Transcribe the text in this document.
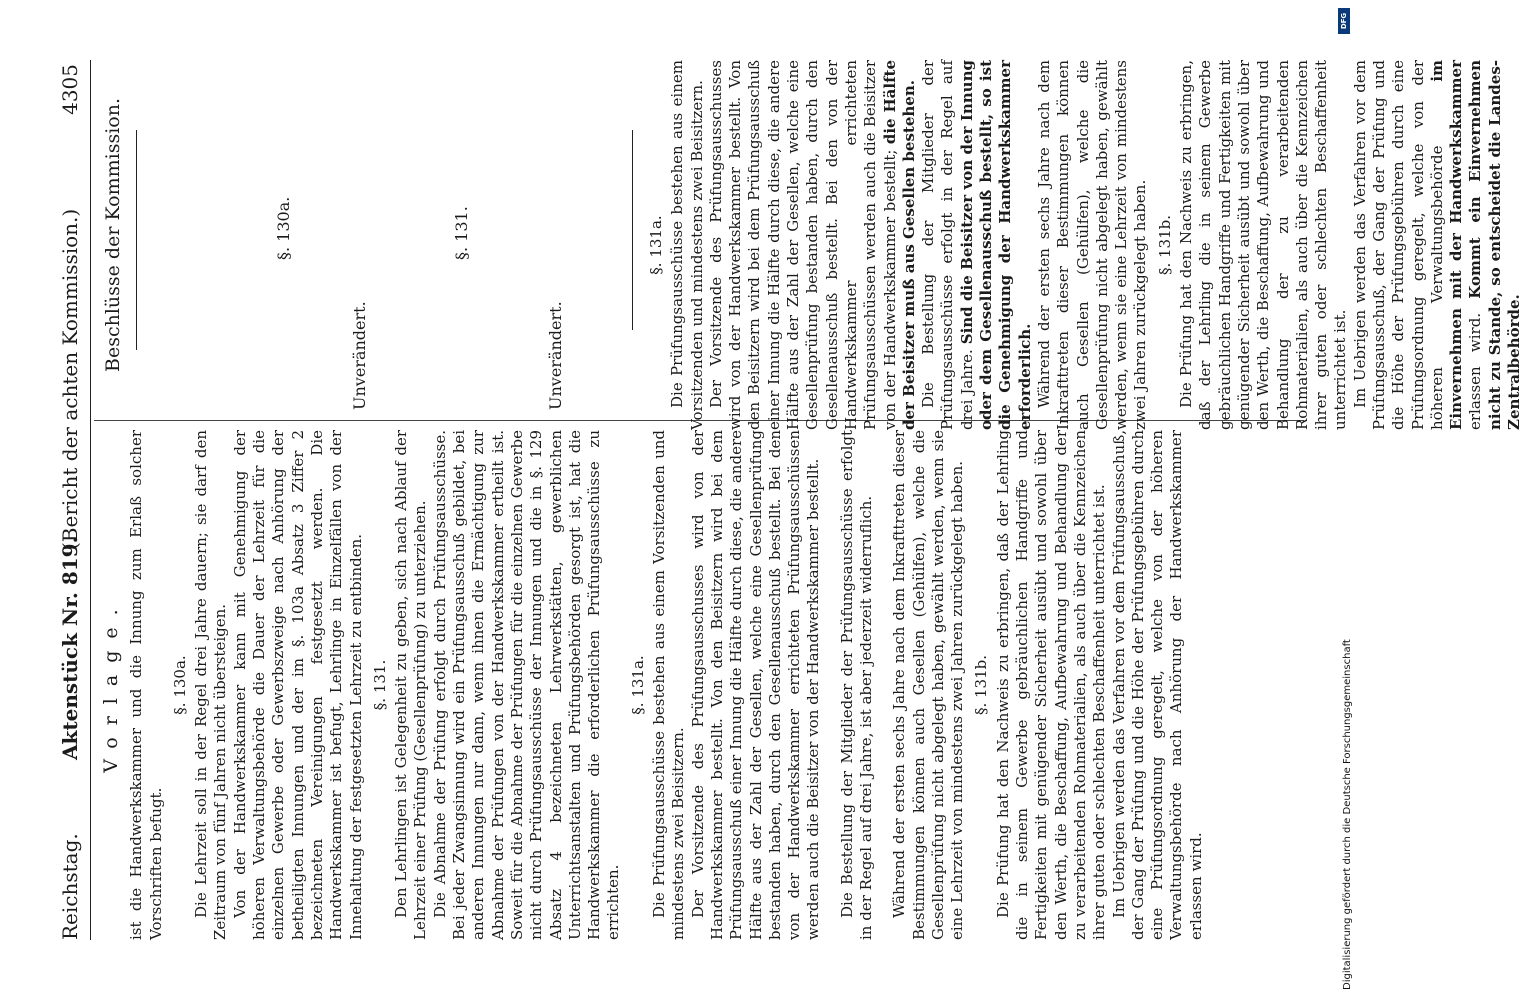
Reichstag.
Aktenstück Nr. 819.
(Bericht der achten Kommission.)
4305
Vorlage. ist die Handwerkskammer und die Innung zum Erlaß solcher Vorschriften befugt.

§. 130a. Die Lehrzeit soll in der Regel drei Jahre dauern; sie darf den Zeitraum von fünf Jahren nicht übersteigen. Von der Handwerkskammer kann mit Genehmigung der höheren Verwaltungsbehörde die Dauer der Lehrzeit für die einzelnen Gewerbe oder Gewerbszweige nach Anhörung der betheiligten Innungen und der im §. 103a Absatz 3 Ziffer 2 bezeichneten Vereinigungen festgesetzt werden. Die Handwerkskammer ist befugt, Lehrlinge in Einzelfällen von der Innehaltung der festgesetzten Lehrzeit zu entbinden. §. 131. Den Lehrlingen ist Gelegenheit zu geben, sich nach Ablauf der Lehrzeit einer Prüfung (Gesellenprüfung) zu unterziehen. Die Abnahme der Prüfung erfolgt durch Prüfungsausschüsse. Bei jeder Zwangsinnung wird ein Prüfungsausschuß gebildet, bei anderen Innungen nur dann, wenn ihnen die Ermächtigung zur Abnahme der Prüfungen von der Handwerkskammer ertheilt ist. Soweit für die Abnahme der Prüfungen für die einzelnen Gewerbe nicht durch Prüfungsausschüsse der Innungen und die in §. 129 Absatz 4 bezeichneten Lehrwerkstätten, gewerblichen Unterrichtsanstalten und Prüfungsbehörden gesorgt ist, hat die Handwerkskammer die erforderlichen Prüfungsausschüsse zu errichten.

§. 131a. Die Prüfungsausschüsse bestehen aus einem Vorsitzenden und mindestens zwei Beisitzern. Der Vorsitzende des Prüfungsausschusses wird von der Handwerkskammer bestellt. Von den Beisitzern wird bei dem Prüfungsausschuß einer Innung die Hälfte durch diese, die andere Hälfte aus der Zahl der Gesellen, welche eine Gesellenprüfung bestanden haben, durch den Gesellenausschuß bestellt. Bei den von der Handwerkskammer errichteten Prüfungsausschüssen werden auch die Beisitzer von der Handwerkskammer bestellt. Die Bestellung der Mitglieder der Prüfungsausschüsse erfolgt in der Regel auf drei Jahre, ist aber jederzeit widerruflich. Während der ersten sechs Jahre nach dem Inkrafttreten dieser Bestimmungen können auch Gesellen (Gehülfen), welche die Gesellenprüfung nicht abgelegt haben, gewählt werden, wenn sie eine Lehrzeit von mindestens zwei Jahren zurückgelegt haben. §. 131b. Die Prüfung hat den Nachweis zu erbringen, daß der Lehrling die in seinem Gewerbe gebräuchlichen Handgriffe und Fertigkeiten mit genügender Sicherheit ausübt und sowohl über den Werth, die Beschaffung, Aufbewahrung und Behandlung der zu verarbeitenden Rohmaterialien, als auch über die Kennzeichen ihrer guten oder schlechten Beschaffenheit unterrichtet ist. Im Uebrigen werden das Verfahren vor dem Prüfungsausschuß, der Gang der Prüfung und die Höhe der Prüfungsgebühren durch eine Prüfungsordnung geregelt, welche von der höheren Verwaltungsbehörde nach Anhörung der Handwerkskammer erlassen wird.

Beschlüsse der Kommission.	§. 130a.
Unverändert.
§. 131.
Unverändert.
§. 131a. Die Prüfungsausschüsse bestehen aus einem Vorsitzenden und mindestens zwei Beisitzern. Der Vorsitzende des Prüfungsausschusses wird von der Handwerkskammer bestellt. Von den Beisitzern wird bei dem Prüfungsausschuß einer Innung die Hälfte durch diese, die andere Hälfte aus der Zahl der Gesellen, welche eine Gesellenprüfung bestanden haben, durch den Gesellenausschuß bestellt. Bei den von der Handwerkskammer errichteten Prüfungsausschüssen werden auch die Beisitzer von der Handwerkskammer bestellt; die Hälfte der Beisitzer muß aus Gesellen bestehen. Die Bestellung der Mitglieder der Prüfungsausschüsse erfolgt in der Regel auf drei Jahre. Sind die Beisitzer von der Innung oder dem Gesellenausschuß bestellt, so ist die Genehmigung der Handwerkskammer erforderlich. Während der ersten sechs Jahre nach dem Inkrafttreten dieser Bestimmungen können auch Gesellen (Gehülfen), welche die Gesellenprüfung nicht abgelegt haben, gewählt werden, wenn sie eine Lehrzeit von mindestens zwei Jahren zurückgelegt haben. §. 131b. Die Prüfung hat den Nachweis zu erbringen, daß der Lehrling die in seinem Gewerbe gebräuchlichen Handgriffe und Fertigkeiten mit genügender Sicherheit ausübt und sowohl über den Werth, die Beschaffung, Aufbewahrung und Behandlung der zu verarbeitenden Rohmaterialien, als auch über die Kennzeichen ihrer guten oder schlechten Beschaffenheit unterrichtet ist. Im Uebrigen werden das Verfahren vor dem Prüfungsausschuß, der Gang der Prüfung und die Höhe der Prüfungsgebühren durch eine Prüfungsordnung geregelt, welche von der höheren Verwaltungsbehörde im Einvernehmen mit der Handwerkskammer erlassen wird. Kommt ein Einvernehmen nicht zu Stande, so entscheidet die Landes-Zentralbehörde.

DFG
Digitalisierung gefördert durch die Deutsche Forschungsgemeinschaft
